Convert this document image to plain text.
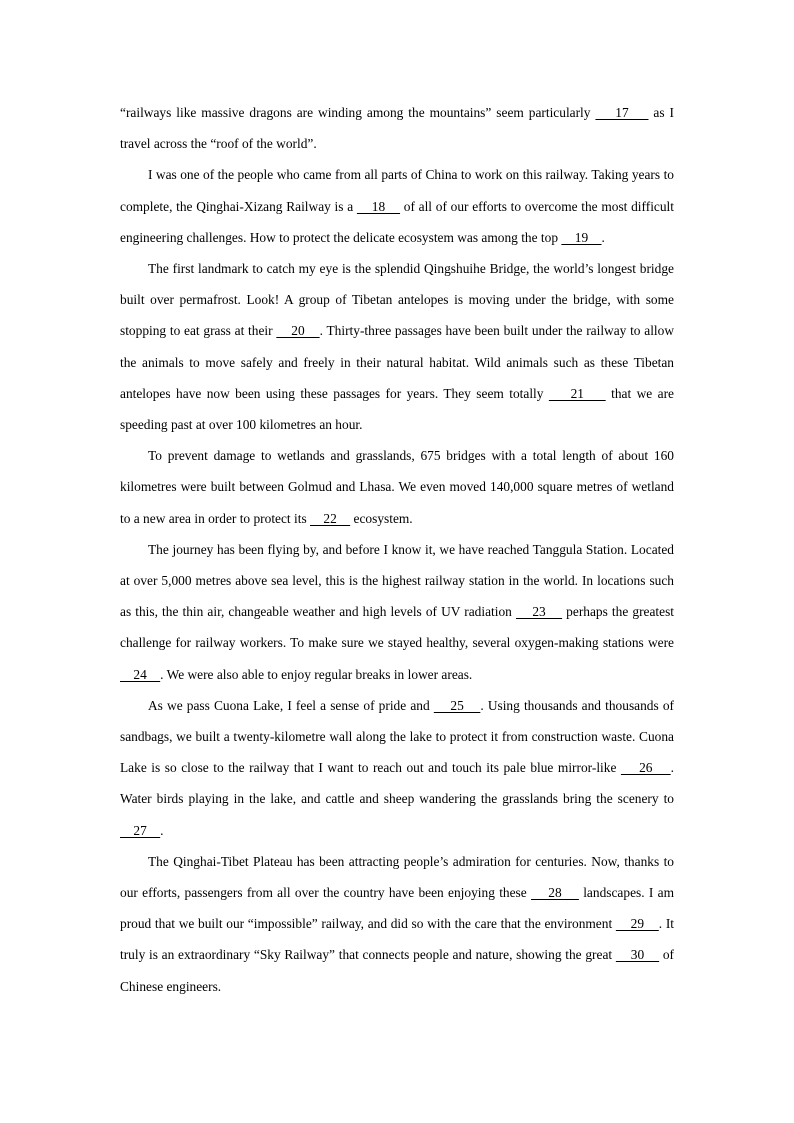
“railways like massive dragons are winding among the mountains” seem particularly     17     as I travel across the “roof of the world”.

I was one of the people who came from all parts of China to work on this railway. Taking years to complete, the Qinghai-Xizang Railway is a     18     of all of our efforts to overcome the most difficult engineering challenges. How to protect the delicate ecosystem was among the top     19    .

The first landmark to catch my eye is the splendid Qingshuihe Bridge, the world’s longest bridge built over permafrost. Look! A group of Tibetan antelopes is moving under the bridge, with some stopping to eat grass at their     20    . Thirty-three passages have been built under the railway to allow the animals to move safely and freely in their natural habitat. Wild animals such as these Tibetan antelopes have now been using these passages for years. They seem totally     21     that we are speeding past at over 100 kilometres an hour.

To prevent damage to wetlands and grasslands, 675 bridges with a total length of about 160 kilometres were built between Golmud and Lhasa. We even moved 140,000 square metres of wetland to a new area in order to protect its     22     ecosystem.

The journey has been flying by, and before I know it, we have reached Tanggula Station. Located at over 5,000 metres above sea level, this is the highest railway station in the world. In locations such as this, the thin air, changeable weather and high levels of UV radiation     23     perhaps the greatest challenge for railway workers. To make sure we stayed healthy, several oxygen-making stations were     24    . We were also able to enjoy regular breaks in lower areas.

As we pass Cuona Lake, I feel a sense of pride and     25    . Using thousands and thousands of sandbags, we built a twenty-kilometre wall along the lake to protect it from construction waste. Cuona Lake is so close to the railway that I want to reach out and touch its pale blue mirror-like     26    . Water birds playing in the lake, and cattle and sheep wandering the grasslands bring the scenery to     27    .

The Qinghai-Tibet Plateau has been attracting people’s admiration for centuries. Now, thanks to our efforts, passengers from all over the country have been enjoying these     28     landscapes. I am proud that we built our “impossible” railway, and did so with the care that the environment     29    . It truly is an extraordinary “Sky Railway” that connects people and nature, showing the great     30     of Chinese engineers.
